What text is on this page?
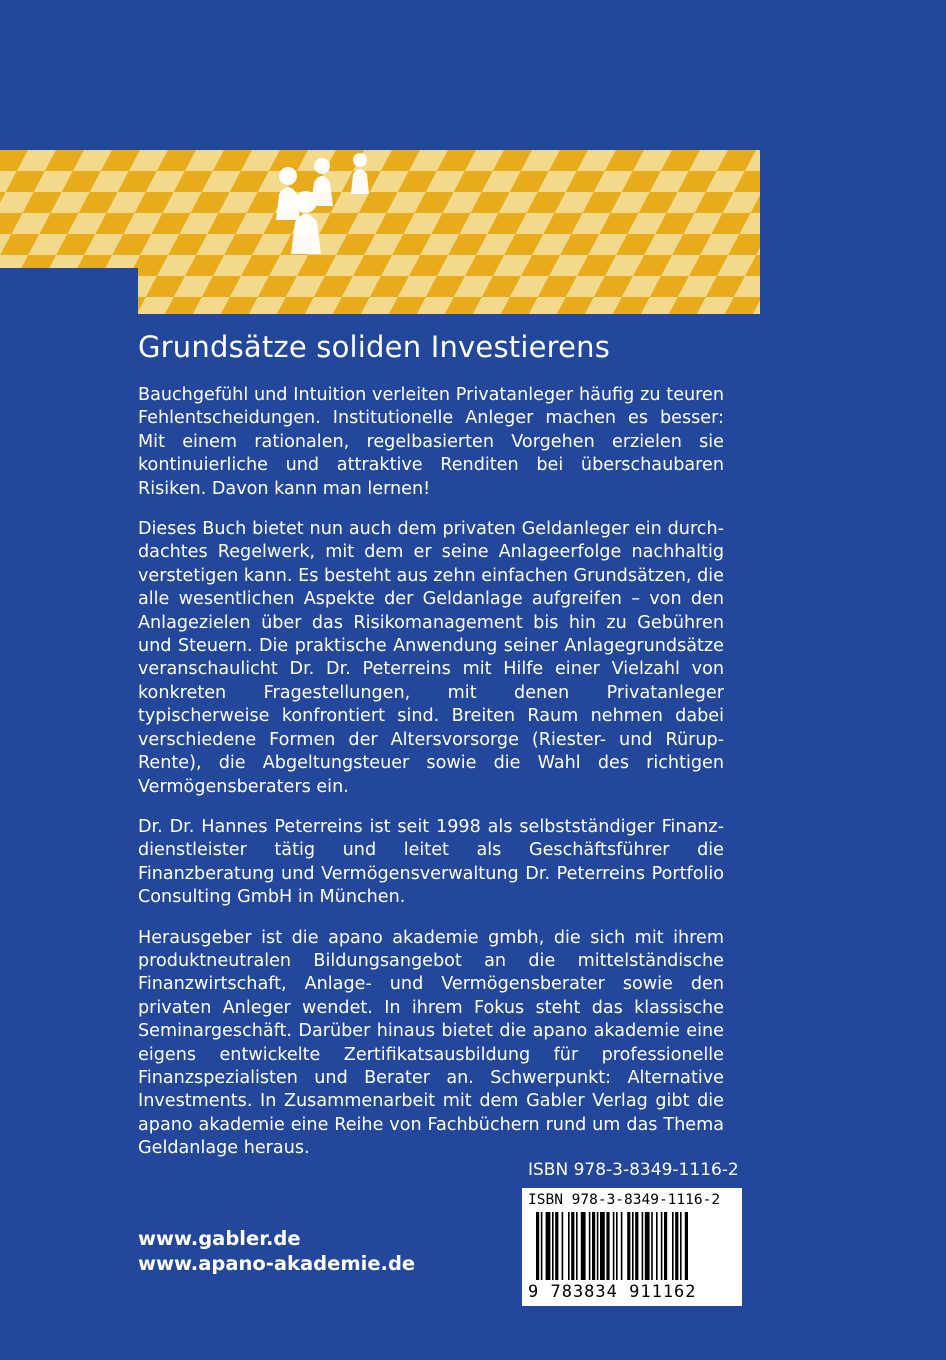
Grundsätze soliden Investierens

Bauchgefühl und Intuition verleiten Privatanleger häufig zu teuren Fehlentscheidungen. Institutionelle Anleger machen es besser: Mit einem rationalen, regelbasierten Vorgehen erzielen sie kontinuierliche und attraktive Renditen bei überschaubaren Risiken. Davon kann man lernen!

Dieses Buch bietet nun auch dem privaten Geldanleger ein durchdachtes Regelwerk, mit dem er seine Anlageerfolge nachhaltig verstetigen kann. Es besteht aus zehn einfachen Grundsätzen, die alle wesentlichen Aspekte der Geldanlage aufgreifen – von den Anlagezielen über das Risikomanagement bis hin zu Gebühren und Steuern. Die praktische Anwendung seiner Anlagegrundsätze veranschaulicht Dr. Dr. Peterreins mit Hilfe einer Vielzahl von konkreten Fragestellungen, mit denen Privatanleger typischerweise konfrontiert sind. Breiten Raum nehmen dabei verschiedene Formen der Altersvorsorge (Riester- und Rürup-Rente), die Abgeltungsteuer sowie die Wahl des richtigen Vermögensberaters ein.

Dr. Dr. Hannes Peterreins ist seit 1998 als selbstständiger Finanzdienstleister tätig und leitet als Geschäftsführer die Finanzberatung und Vermögensverwaltung Dr. Peterreins Portfolio Consulting GmbH in München.

Herausgeber ist die apano akademie gmbh, die sich mit ihrem produktneutralen Bildungsangebot an die mittelständische Finanzwirtschaft, Anlage- und Vermögensberater sowie den privaten Anleger wendet. In ihrem Fokus steht das klassische Seminargeschäft. Darüber hinaus bietet die apano akademie eine eigens entwickelte Zertifikatsausbildung für professionelle Finanzspezialisten und Berater an. Schwerpunkt: Alternative Investments. In Zusammenarbeit mit dem Gabler Verlag gibt die apano akademie eine Reihe von Fachbüchern rund um das Thema Geldanlage heraus.

ISBN 978-3-8349-1116-2
ISBN 978-3-8349-1116-2
9 783834 911162
www.gabler.de
www.apano-akademie.de
